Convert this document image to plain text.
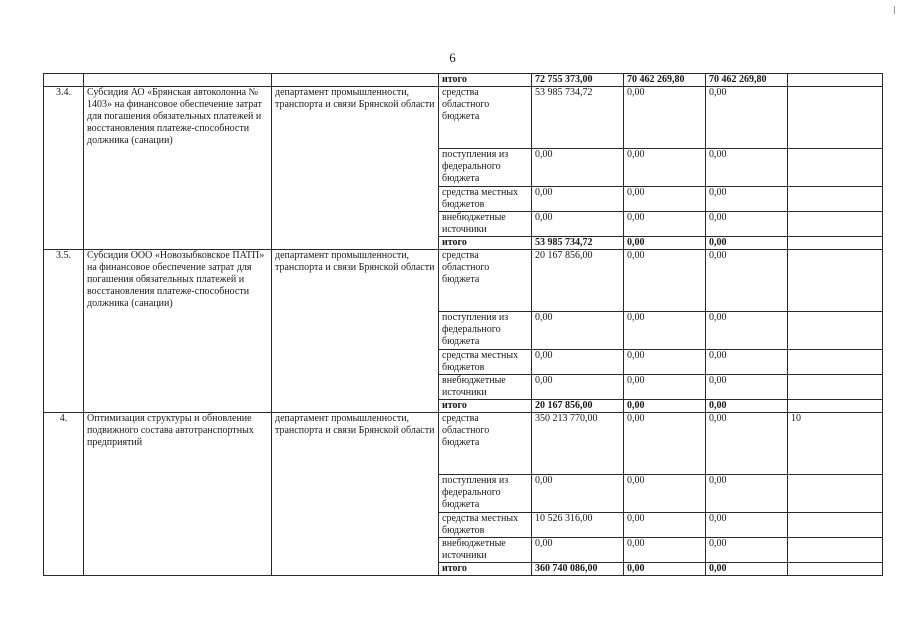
6
			итого	72 755 373,00	70 462 269,80	70 462 269,80	
3.4.	Субсидия АО «Брянская автоколонна № 1403» на финансовое обеспечение затрат для погашения обязательных платежей и восстановления платеже-способности должника (санации)	департамент промышленности, транспорта и связи Брянской области	средства областного бюджета	53 985 734,72	0,00	0,00	
			поступления из федерального бюджета	0,00	0,00	0,00	
			средства местных бюджетов	0,00	0,00	0,00	
			внебюджетные источники	0,00	0,00	0,00	
			итого	53 985 734,72	0,00	0,00	
3.5.	Субсидия ООО «Новозыбковское ПАТП» на финансовое обеспечение затрат для погашения обязательных платежей и восстановления платеже-способности должника (санации)	департамент промышленности, транспорта и связи Брянской области	средства областного бюджета	20 167 856,00	0,00	0,00	
			поступления из федерального бюджета	0,00	0,00	0,00	
			средства местных бюджетов	0,00	0,00	0,00	
			внебюджетные источники	0,00	0,00	0,00	
			итого	20 167 856,00	0,00	0,00	
4.	Оптимизация структуры и обновление подвижного состава автотранспортных предприятий	департамент промышленности, транспорта и связи Брянской области	средства областного бюджета	350 213 770,00	0,00	0,00	10
			поступления из федерального бюджета	0,00	0,00	0,00	
			средства местных бюджетов	10 526 316,00	0,00	0,00	
			внебюджетные источники	0,00	0,00	0,00	
			итого	360 740 086,00	0,00	0,00	
